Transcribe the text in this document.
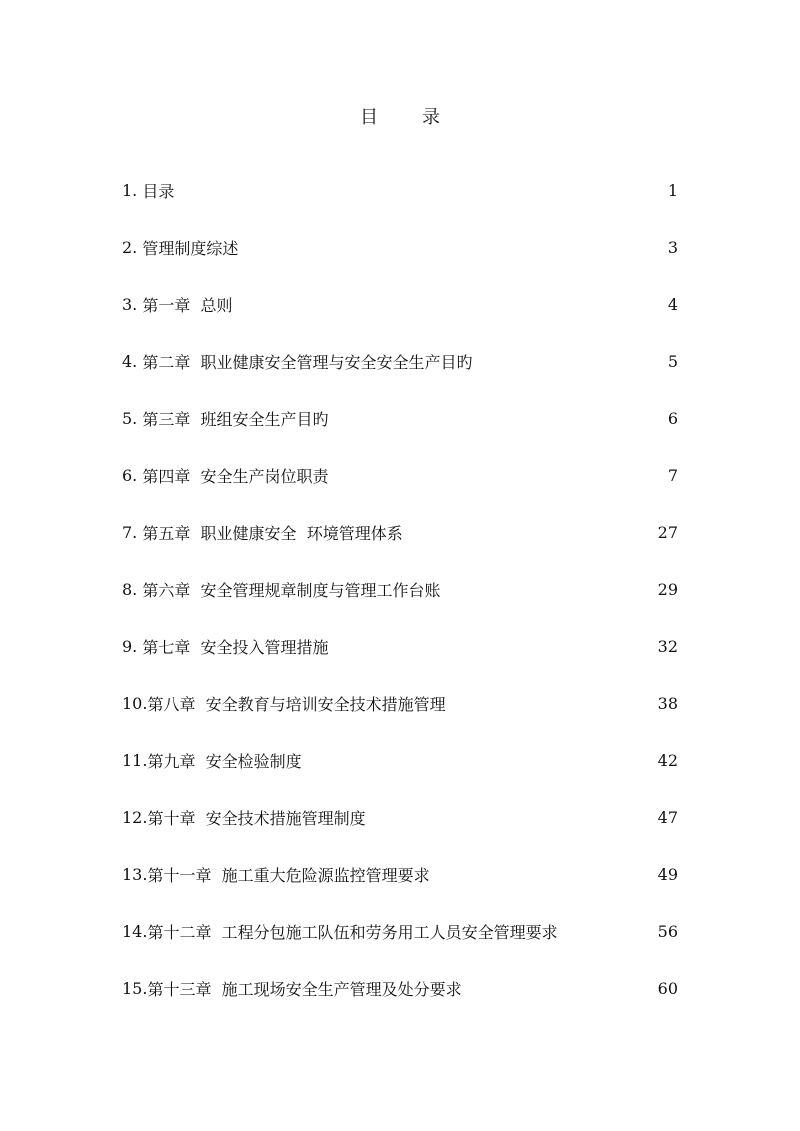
目 录
1. 目录	1
2. 管理制度综述	3
3. 第一章  总则	4
4. 第二章  职业健康安全管理与安全安全生产目旳	5
5. 第三章  班组安全生产目旳	6
6. 第四章  安全生产岗位职责	7
7. 第五章  职业健康安全  环境管理体系	27
8. 第六章  安全管理规章制度与管理工作台账	29
9. 第七章  安全投入管理措施	32
10. 第八章  安全教育与培训安全技术措施管理	38
11. 第九章  安全检验制度	42
12. 第十章  安全技术措施管理制度	47
13. 第十一章  施工重大危险源监控管理要求	49
14. 第十二章  工程分包施工队伍和劳务用工人员安全管理要求	56
15. 第十三章  施工现场安全生产管理及处分要求	60
